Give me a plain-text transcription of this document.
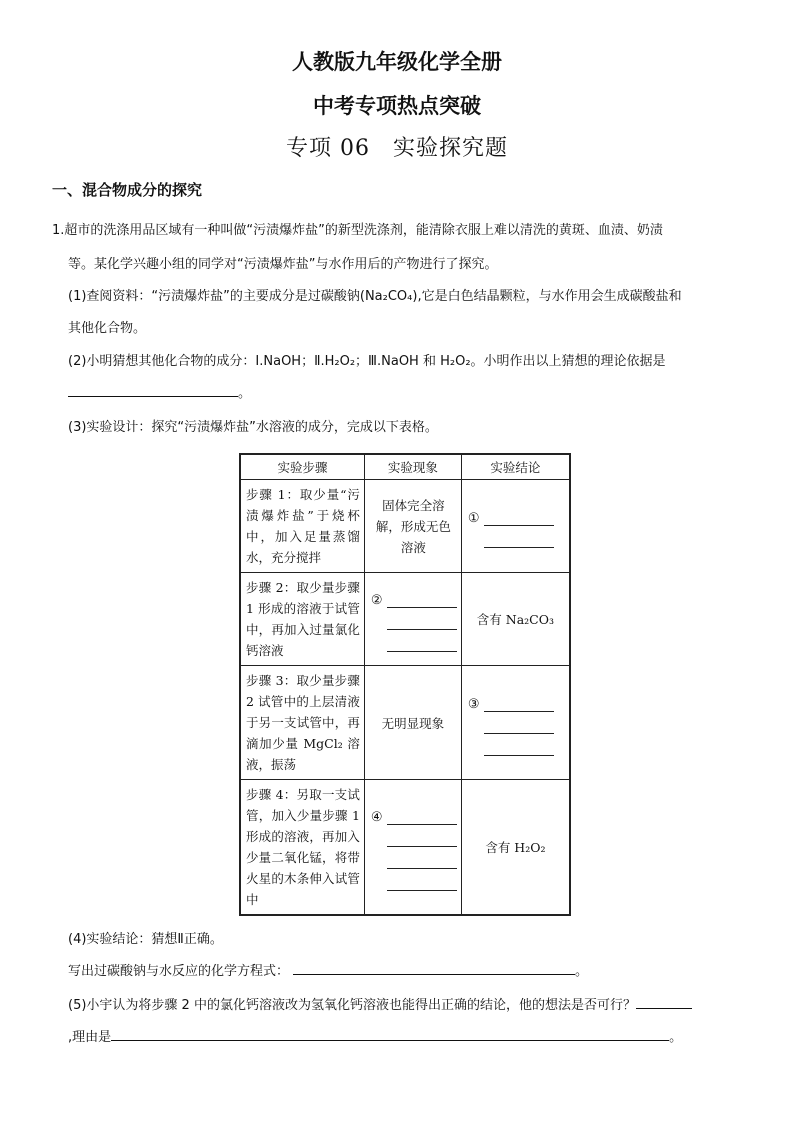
人教版九年级化学全册
中考专项热点突破
专项 06　实验探究题
一、混合物成分的探究
1.超市的洗涤用品区域有一种叫做“污渍爆炸盐”的新型洗涤剂，能清除衣服上难以清洗的黄斑、血渍、奶渍
等。某化学兴趣小组的同学对“污渍爆炸盐”与水作用后的产物进行了探究。
(1)查阅资料：“污渍爆炸盐”的主要成分是过碳酸钠(Na₂CO₄),它是白色结晶颗粒，与水作用会生成碳酸盐和
其他化合物。
(2)小明猜想其他化合物的成分：I.NaOH；Ⅱ.H₂O₂；Ⅲ.NaOH 和 H₂O₂。小明作出以上猜想的理论依据是
。
(3)实验设计：探究“污渍爆炸盐”水溶液的成分，完成以下表格。
实验步骤	实验现象	实验结论
步骤 1：取少量“污渍爆炸盐”于烧杯中，加入足量蒸馏水，充分搅拌	固体完全溶解，形成无色溶液	①

步骤 2：取少量步骤 1 形成的溶液于试管中，再加入过量氯化钙溶液	②	含有 Na₂CO₃
步骤 3：取少量步骤 2 试管中的上层清液于另一支试管中，再滴加少量 MgCl₂ 溶液，振荡	无明显现象	③

步骤 4：另取一支试管，加入少量步骤 1 形成的溶液，再加入少量二氧化锰，将带火星的木条伸入试管中	④	含有 H₂O₂
(4)实验结论：猜想Ⅱ正确。
写出过碳酸钠与水反应的化学方程式：	。
(5)小宇认为将步骤 2 中的氯化钙溶液改为氢氧化钙溶液也能得出正确的结论，他的想法是否可行？
,理由是	。
